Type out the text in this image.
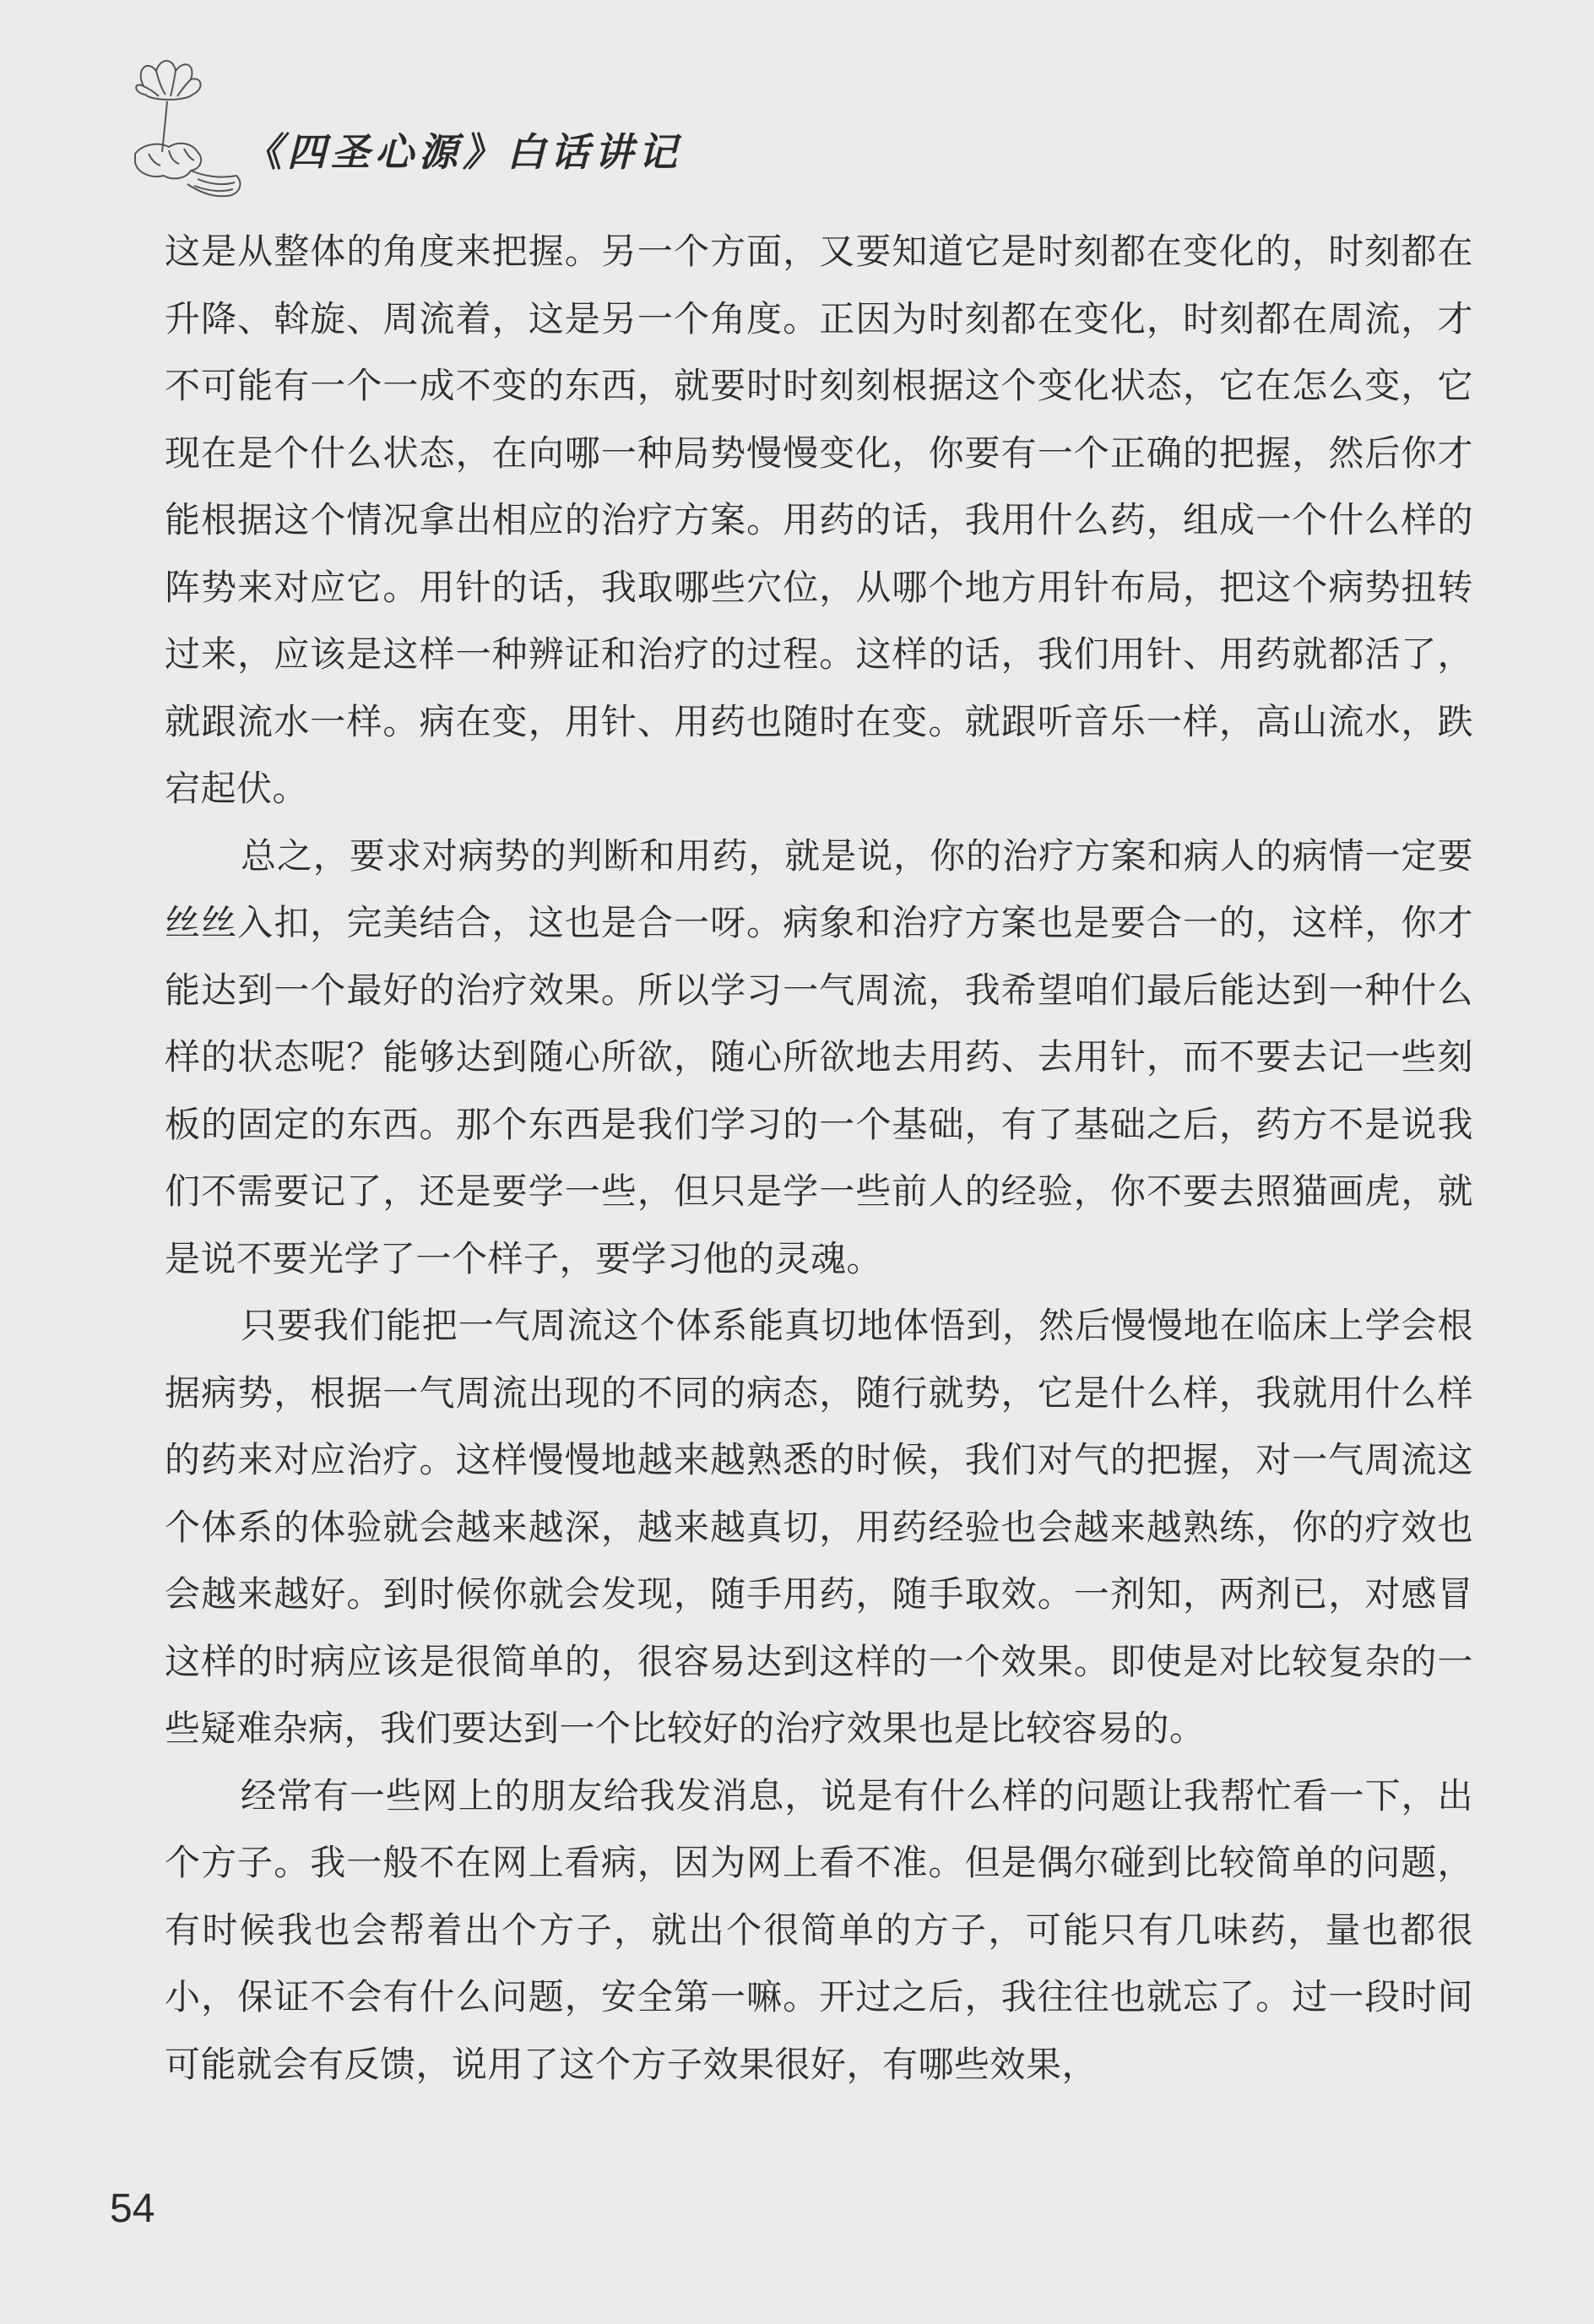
《四圣心源》白话讲记

这是从整体的角度来把握。另一个方面，又要知道它是时刻都在变化的，时刻都在升降、斡旋、周流着，这是另一个角度。正因为时刻都在变化，时刻都在周流，才不可能有一个一成不变的东西，就要时时刻刻根据这个变化状态，它在怎么变，它现在是个什么状态，在向哪一种局势慢慢变化，你要有一个正确的把握，然后你才能根据这个情况拿出相应的治疗方案。用药的话，我用什么药，组成一个什么样的阵势来对应它。用针的话，我取哪些穴位，从哪个地方用针布局，把这个病势扭转过来，应该是这样一种辨证和治疗的过程。这样的话，我们用针、用药就都活了，就跟流水一样。病在变，用针、用药也随时在变。就跟听音乐一样，高山流水，跌宕起伏。

总之，要求对病势的判断和用药，就是说，你的治疗方案和病人的病情一定要丝丝入扣，完美结合，这也是合一呀。病象和治疗方案也是要合一的，这样，你才能达到一个最好的治疗效果。所以学习一气周流，我希望咱们最后能达到一种什么样的状态呢？能够达到随心所欲，随心所欲地去用药、去用针，而不要去记一些刻板的固定的东西。那个东西是我们学习的一个基础，有了基础之后，药方不是说我们不需要记了，还是要学一些，但只是学一些前人的经验，你不要去照猫画虎，就是说不要光学了一个样子，要学习他的灵魂。

只要我们能把一气周流这个体系能真切地体悟到，然后慢慢地在临床上学会根据病势，根据一气周流出现的不同的病态，随行就势，它是什么样，我就用什么样的药来对应治疗。这样慢慢地越来越熟悉的时候，我们对气的把握，对一气周流这个体系的体验就会越来越深，越来越真切，用药经验也会越来越熟练，你的疗效也会越来越好。到时候你就会发现，随手用药，随手取效。一剂知，两剂已，对感冒这样的时病应该是很简单的，很容易达到这样的一个效果。即使是对比较复杂的一些疑难杂病，我们要达到一个比较好的治疗效果也是比较容易的。

经常有一些网上的朋友给我发消息，说是有什么样的问题让我帮忙看一下，出个方子。我一般不在网上看病，因为网上看不准。但是偶尔碰到比较简单的问题，有时候我也会帮着出个方子，就出个很简单的方子，可能只有几味药，量也都很小，保证不会有什么问题，安全第一嘛。开过之后，我往往也就忘了。过一段时间可能就会有反馈，说用了这个方子效果很好，有哪些效果，

54
